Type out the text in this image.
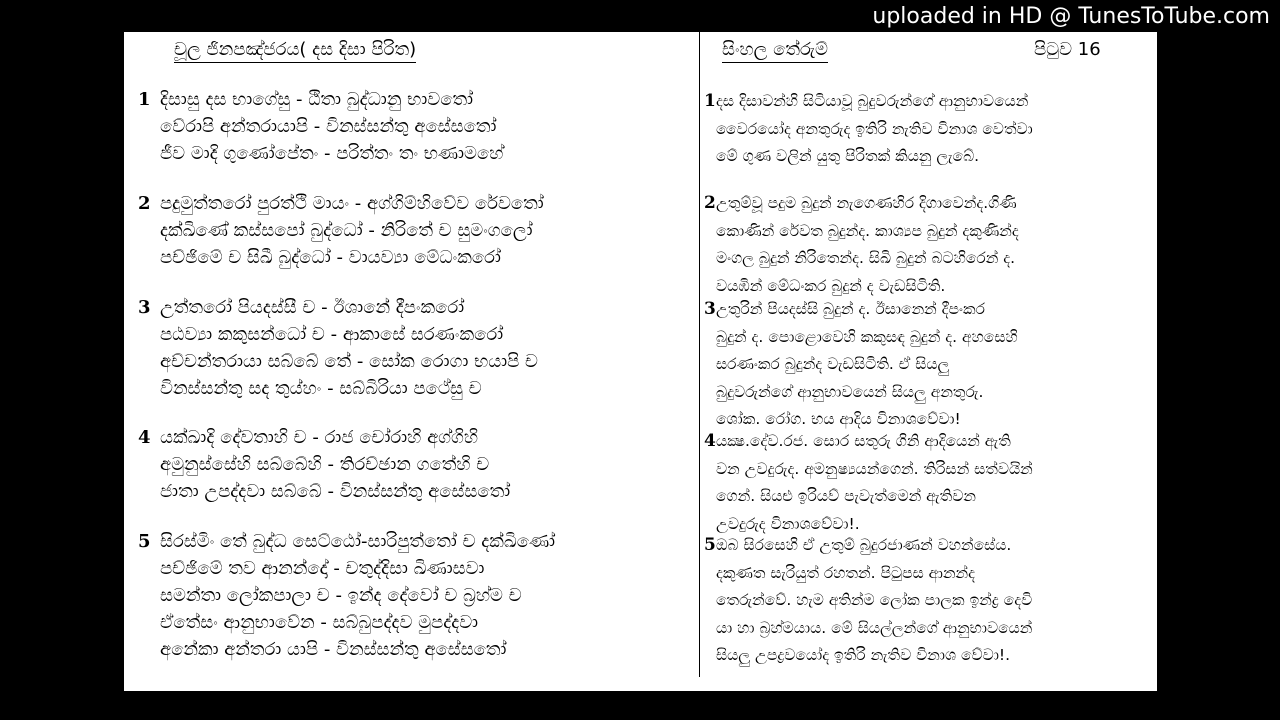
uploaded in HD @ TunesToTube.com
චූල ජිනපඤ්ජරය( දස දිසා පිරිත)
1 දිසාසු දස භාගේසු - ඨිතා බුද්ධානු භාවතෝ
වේරාපි අන්තරායාපි - විනස්සන්තු අසේසතෝ
ජීව මාදි ගුණෝපේතං - පරිත්තං තං භණාමහේ
2 පදුමුත්තරෝ පුරත්ථි මායං - අග්ගිම්හිවේව රේවතෝ
දක්ඛිණේ කස්සපෝ බුද්ධෝ - නිරිතේ ච සුමංගලෝ
පච්ඡිමේ ච සිඛී බුද්ධෝ - වායව්‍යා මේධංකරෝ
3 උත්තරෝ පියදස්සී ච - ඊශානේ දීපංකරෝ
පඨව්‍යා කකුසන්ධෝ ච - ආකාසේ සරණංකරෝ
අච්චන්තරායා සබ්බේ තේ - සෝක රොගා භයාපි ච
විනස්සන්තු සද තුය්හං - සබ්බිරියා පථේසු ච
4 යක්ඛාදි දේවතාහි ච - රාජ චෝරාහි අග්ගිහි
අමුනුස්සේහි සබ්බේහි - තිරච්ඡාන ගතේහි ච
ජාතා උපද්දවා සබ්බේ - විනස්සන්තු අසේසතෝ
5 සිරස්මිං තේ බුද්ධ සෙට්ඨෝ-සාරිපුත්තෝ ච දක්ඛිණෝ
පච්ඡිමේ තව ආනන්දෝ - චතුද්දිසා ඛිණාසවා
සමන්තා ලෝකපාලා ච - ඉන්ද දේවෝ ච බ්‍රහ්ම ච
ඒතේසං ආනුභාවේන - සබ්බුපද්දව මුපද්දවා
අනේකා අන්තරා යාපි - විනස්සන්තු අසේසතෝ
සිංහල තේරුම්	පිටුව 16
1 දස දිසාවන්හි සිටියාවූ බුදුවරුන්ගේ ආනුභාවයෙන්
වෛරයෝද අනතුරුද ඉතිරි නැතිව විනාශ වෙත්වා
මේ ගුණ වලින් යුතු පිරිතක් කියනු ලැබේ.
2 උතුම්වූ පදුම බුදුන් නැගෙණහිර දිගාවෙන්ද.ගිණි
කොණින් රේවත බුදුන්ද. කාශ්‍යප බුදුන් දකුණින්ද
මංගල බුදුන් නිරිතෙන්ද. සිඛි බුදුන් බටහිරෙන් ද.
වයඹින් මේධංකර බුදුන් ද වැඩසිටිති.
3 උතුරින් පියදස්සි බුදුන් ද. ඊසානෙන් දීපංකර
බුදුන් ද. පොළොවෙහි කකුසඳ බුදුන් ද. අහසෙහි
සරණංකර බුදුන්ද වැඩසිටිති. ඒ සියලු
බුදුවරුන්ගේ ආනුභාවයෙන් සියලු අනතුරු.
ශෝක. රෝග. භය ආදිය විනාශවේවා!
4 යක්‍ෂ.දේව.රජ. සොර සතුරු ගිනි ආදියෙන් ඇති
වන උවදුරුද. අමනුෂ්‍යයන්ගෙන්. තිරිසන් සත්වයින්
ගෙන්. සියළු ඉරියව් පැවැත්මෙන් ඇතිවන
උවදුරුද විනාශවේවා!.
5 ඔබ සිරසෙහි ඒ උතුම් බුදුරජාණන් වහන්සේය.
දකුණත සැරියුත් රහතන්. පිටුපස ආනන්ද
තෙරුන්වේ. හැම අතින්ම ලෝක පාලක ඉන්ද්‍ර දෙවි
යා හා බ්‍රහ්මයාය. මේ සියල්ලන්ගේ ආනුභාවයෙන්
සියලු උපද්‍රවයෝද ඉතිරි නැතිව විනාශ වේවා!.
